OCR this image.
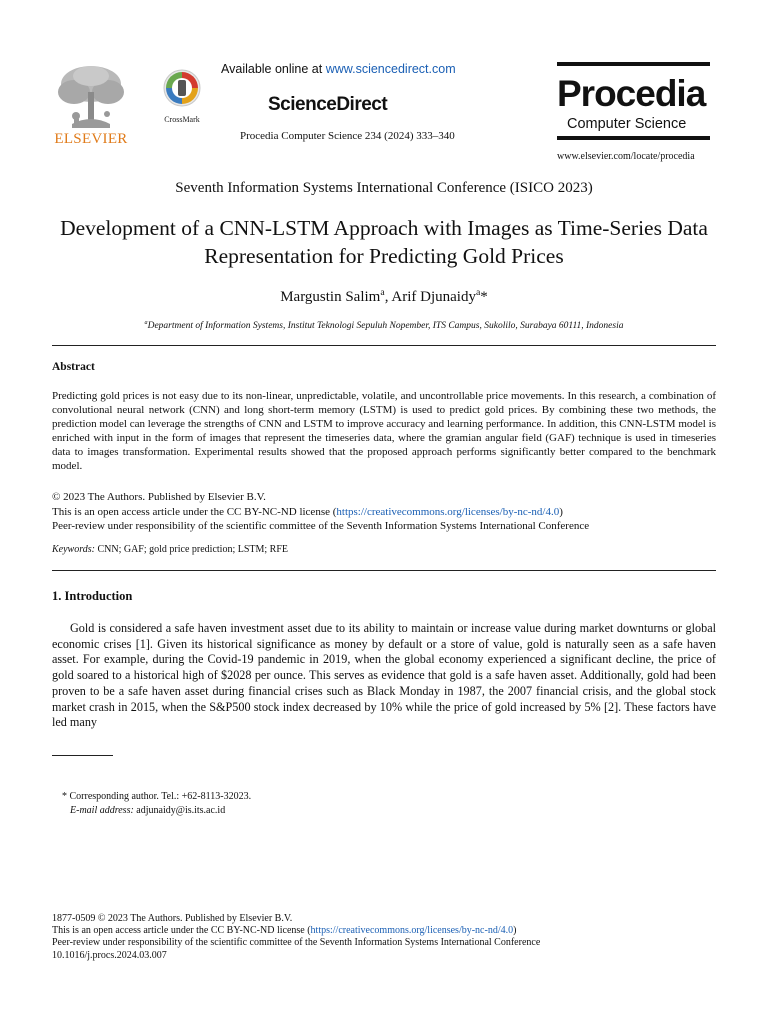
ELSEVIER
CrossMark
Available online at www.sciencedirect.com
ScienceDirect
Procedia Computer Science 234 (2024) 333–340
Procedia
Computer Science
www.elsevier.com/locate/procedia
Seventh Information Systems International Conference (ISICO 2023)
Development of a CNN-LSTM Approach with Images as Time-Series Data Representation for Predicting Gold Prices
Margustin Salim$^a$, Arif Djunaidy$^a$*
$^a$Department of Information Systems, Institut Teknologi Sepuluh Nopember, ITS Campus, Sukolilo, Surabaya 60111, Indonesia
Abstract
Predicting gold prices is not easy due to its non-linear, unpredictable, volatile, and uncontrollable price movements. In this research, a combination of convolutional neural network (CNN) and long short-term memory (LSTM) is used to predict gold prices. By combining these two methods, the prediction model can leverage the strengths of CNN and LSTM to improve accuracy and learning performance. In addition, this CNN-LSTM model is enriched with input in the form of images that represent the timeseries data, where the gramian angular field (GAF) technique is used in timeseries data to images transformation. Experimental results showed that the proposed approach performs significantly better compared to the benchmark model.
© 2023 The Authors. Published by Elsevier B.V.
This is an open access article under the CC BY-NC-ND license (https://creativecommons.org/licenses/by-nc-nd/4.0)
Peer-review under responsibility of the scientific committee of the Seventh Information Systems International Conference
Keywords: CNN; GAF; gold price prediction; LSTM; RFE
1. Introduction

Gold is considered a safe haven investment asset due to its ability to maintain or increase value during market downturns or global economic crises [1]. Given its historical significance as money by default or a store of value, gold is naturally seen as a safe haven asset. For example, during the Covid-19 pandemic in 2019, when the global economy experienced a significant decline, the price of gold soared to a historical high of $2028 per ounce. This serves as evidence that gold is a safe haven asset. Additionally, gold had been proven to be a safe haven asset during financial crises such as Black Monday in 1987, the 2007 financial crisis, and the global stock market crash in 2015, when the S&P500 stock index decreased by 10% while the price of gold increased by 5% [2]. These factors have led many

* Corresponding author. Tel.: +62-8113-32023.
E-mail address: adjunaidy@is.its.ac.id
1877-0509 © 2023 The Authors. Published by Elsevier B.V.
This is an open access article under the CC BY-NC-ND license (https://creativecommons.org/licenses/by-nc-nd/4.0)
Peer-review under responsibility of the scientific committee of the Seventh Information Systems International Conference
10.1016/j.procs.2024.03.007
